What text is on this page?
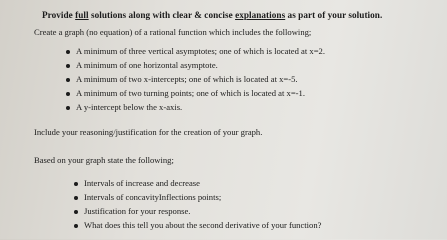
Provide full solutions along with clear & concise explanations as part of your solution.
Create a graph (no equation) of a rational function which includes the following;
A minimum of three vertical asymptotes; one of which is located at x=2.
A minimum of one horizontal asymptote.
A minimum of two x-intercepts; one of which is located at x=-5.
A minimum of two turning points; one of which is located at x=-1.
A y-intercept below the x-axis.
Include your reasoning/justification for the creation of your graph.
Based on your graph state the following;
Intervals of increase and decrease
Intervals of concavityInflections points;
Justification for your response.
What does this tell you about the second derivative of your function?
